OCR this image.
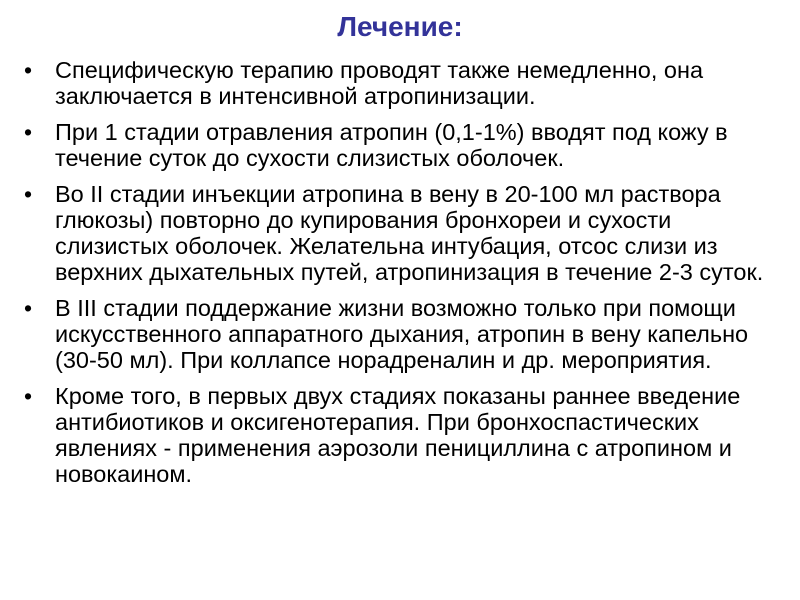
Лечение:
• Специфическую терапию проводят также немедленно, она заключается в интенсивной атропинизации.
• При 1 стадии отравления атропин (0,1-1%) вводят под кожу в течение суток до сухости слизистых оболочек.
• Во II стадии инъекции атропина в вену в 20-100 мл раствора глюкозы) повторно до купирования бронхореи и сухости слизистых оболочек. Желательна интубация, отсос слизи из верхних дыхательных путей, атропинизация в течение 2-3 суток.
• В III стадии поддержание жизни возможно только при помощи искусственного аппаратного дыхания, атропин в вену капельно (30-50 мл). При коллапсе норадреналин и др. мероприятия.
• Кроме того, в первых двух стадиях показаны раннее введение антибиотиков и оксигенотерапия. При бронхоспастических явлениях - применения аэрозоли пенициллина с атропином и новокаином.
